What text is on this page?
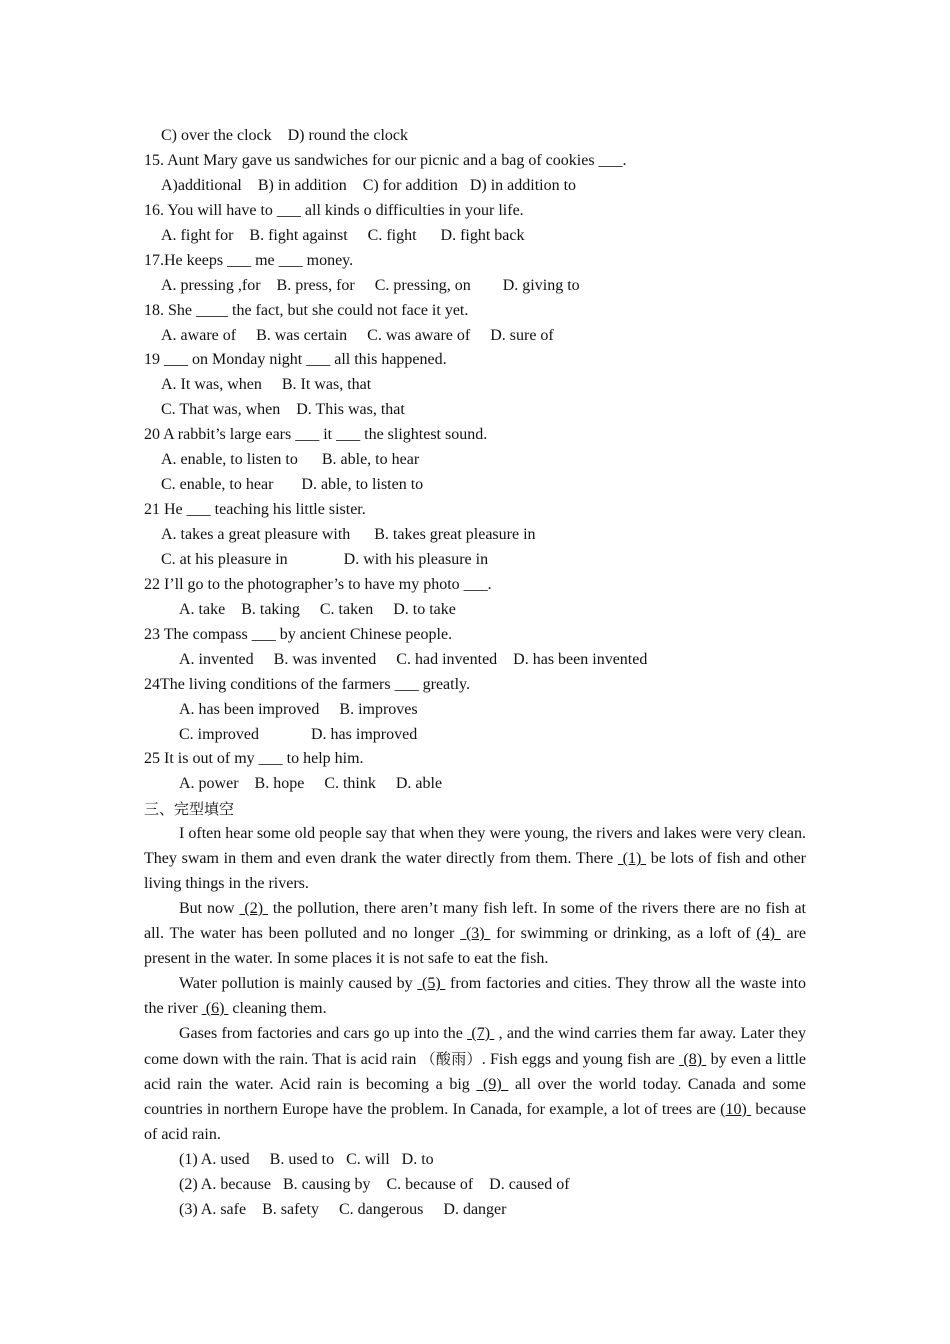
C) over the clock    D) round the clock
15. Aunt Mary gave us sandwiches for our picnic and a bag of cookies ___.
A)additional    B) in addition    C) for addition   D) in addition to
16. You will have to ___ all kinds o difficulties in your life.
A. fight for    B. fight against     C. fight      D. fight back
17.He keeps ___ me ___ money.
A. pressing ,for    B. press, for     C. pressing, on        D. giving to
18. She ____ the fact, but she could not face it yet.
A. aware of     B. was certain     C. was aware of     D. sure of
19 ___ on Monday night ___ all this happened.
A. It was, when     B. It was, that
C. That was, when    D. This was, that
20 A rabbit’s large ears ___ it ___ the slightest sound.
A. enable, to listen to      B. able, to hear
C. enable, to hear       D. able, to listen to
21 He ___ teaching his little sister.
A. takes a great pleasure with      B. takes great pleasure in
C. at his pleasure in              D. with his pleasure in
22 I’ll go to the photographer’s to have my photo ___.
A. take    B. taking     C. taken     D. to take
23 The compass ___ by ancient Chinese people.
A. invented     B. was invented     C. had invented    D. has been invented
24The living conditions of the farmers ___ greatly.
A. has been improved     B. improves
C. improved             D. has improved
25 It is out of my ___ to help him.
A. power    B. hope     C. think     D. able
三、完型填空

I often hear some old people say that when they were young, the rivers and lakes were very clean. They swam in them and even drank the water directly from them. There  (1)  be lots of fish and other living things in the rivers.

But now  (2)  the pollution, there aren’t many fish left. In some of the rivers there are no fish at all. The water has been polluted and no longer  (3)  for swimming or drinking, as a loft of (4)  are present in the water. In some places it is not safe to eat the fish.

Water pollution is mainly caused by  (5)  from factories and cities. They throw all the waste into the river  (6)  cleaning them.

Gases from factories and cars go up into the  (7)  , and the wind carries them far away. Later they come down with the rain. That is acid rain （酸雨）. Fish eggs and young fish are  (8)  by even a little acid rain the water. Acid rain is becoming a big  (9)  all over the world today. Canada and some countries in northern Europe have the problem. In Canada, for example, a lot of trees are (10)  because of acid rain.

(1) A. used     B. used to   C. will   D. to
(2) A. because   B. causing by    C. because of    D. caused of
(3) A. safe    B. safety     C. dangerous     D. danger
